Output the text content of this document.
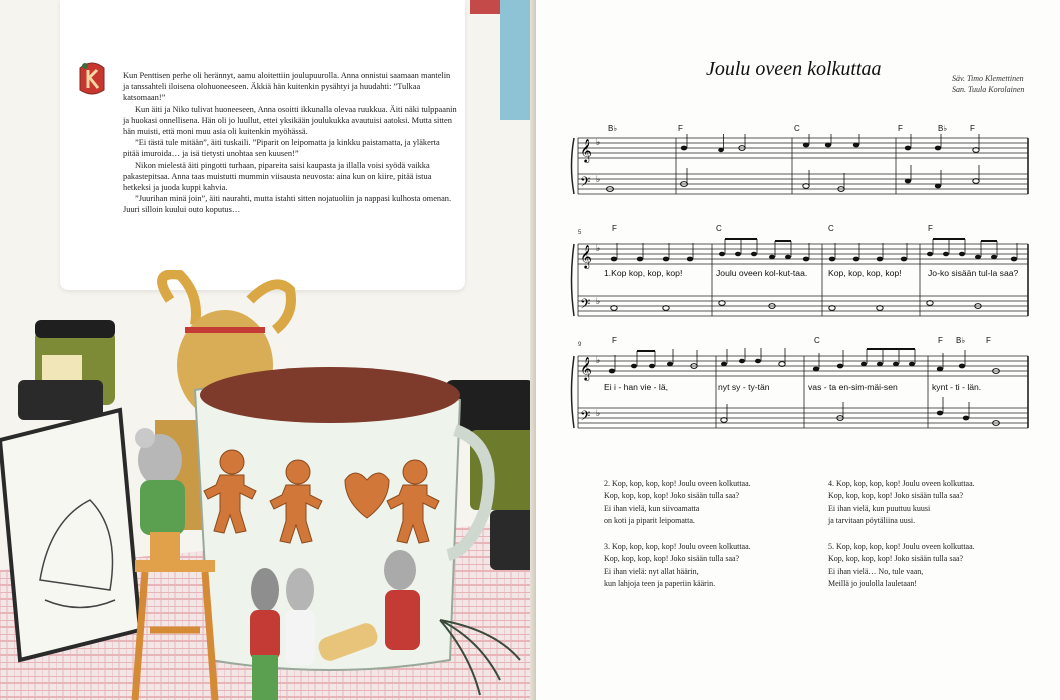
Kun Penttisen perhe oli herännyt, aamu aloitettiin joulupuurolla. Anna onnistui saamaan mantelin ja tanssahteli iloisena olohuoneeseen. Äkkiä hän kuitenkin pysähtyi ja huudahti: ”Tulkaa katsomaan!”

Kun äiti ja Niko tulivat huoneeseen, Anna osoitti ikkunalla olevaa ruukkua. Äiti näki tulppaanin ja huokasi onnellisena. Hän oli jo luullut, ettei yksikään joulukukka avautuisi aatoksi. Mutta sitten hän muisti, että moni muu asia oli kuitenkin myöhässä.

”Ei tästä tule mitään”, äiti tuskaili. ”Piparit on leipomatta ja kinkku paistamatta, ja yläkerta pitää imuroida… ja isä tietysti unohtaa sen kuusen!”

Nikon mielestä äiti pingotti turhaan, pipareita saisi kaupasta ja illalla voisi syödä vaikka pakastepitsaa. Anna taas muistutti mummin viisausta neuvosta: aina kun on kiire, pitää istua hetkeksi ja juoda kuppi kahvia.

”Juurihan minä join”, äiti naurahti, mutta istahti sitten nojatuoliin ja nappasi kulhosta omenan. Juuri silloin kuului outo koputus…

Joulu oveen kolkuttaa	Säv. Timo Klemettinen
San. Tuula Korolainen
B♭	F	C	F	B♭	F
𝄞
𝄢
♭
♭
5	F	C	C	F
𝄞
𝄢
♭
♭
1.Kop kop, kop, kop!	Joulu oveen kol-kut-taa. Kop, kop, kop, kop!	Jo-ko sisään tul-la saa?
9	F	C	F B♭	F
𝄞
𝄢
♭
♭
Ei i - han vie - lä,	nyt sy - ty-tän	vas - ta en-sim-mäi-sen	kynt - ti - län.
2. Kop, kop, kop, kop! Joulu oveen kolkuttaa.
Kop, kop, kop, kop! Joko sisään tulla saa?
Ei ihan vielä, kun siivoamatta
on koti ja piparit leipomatta.
3. Kop, kop, kop, kop! Joulu oveen kolkuttaa.
Kop, kop, kop, kop! Joko sisään tulla saa?
Ei ihan vielä: nyt allat häärin,
kun lahjoja teen ja paperiin käärin.
4. Kop, kop, kop, kop! Joulu oveen kolkuttaa.
Kop, kop, kop, kop! Joko sisään tulla saa?
Ei ihan vielä, kun puuttuu kuusi
ja tarvitaan pöytäliina uusi.
5. Kop, kop, kop, kop! Joulu oveen kolkuttaa.
Kop, kop, kop, kop! Joko sisään tulla saa?
Ei ihan vielä… No, tule vaan,
Meillä jo joulolla lauletaan!
